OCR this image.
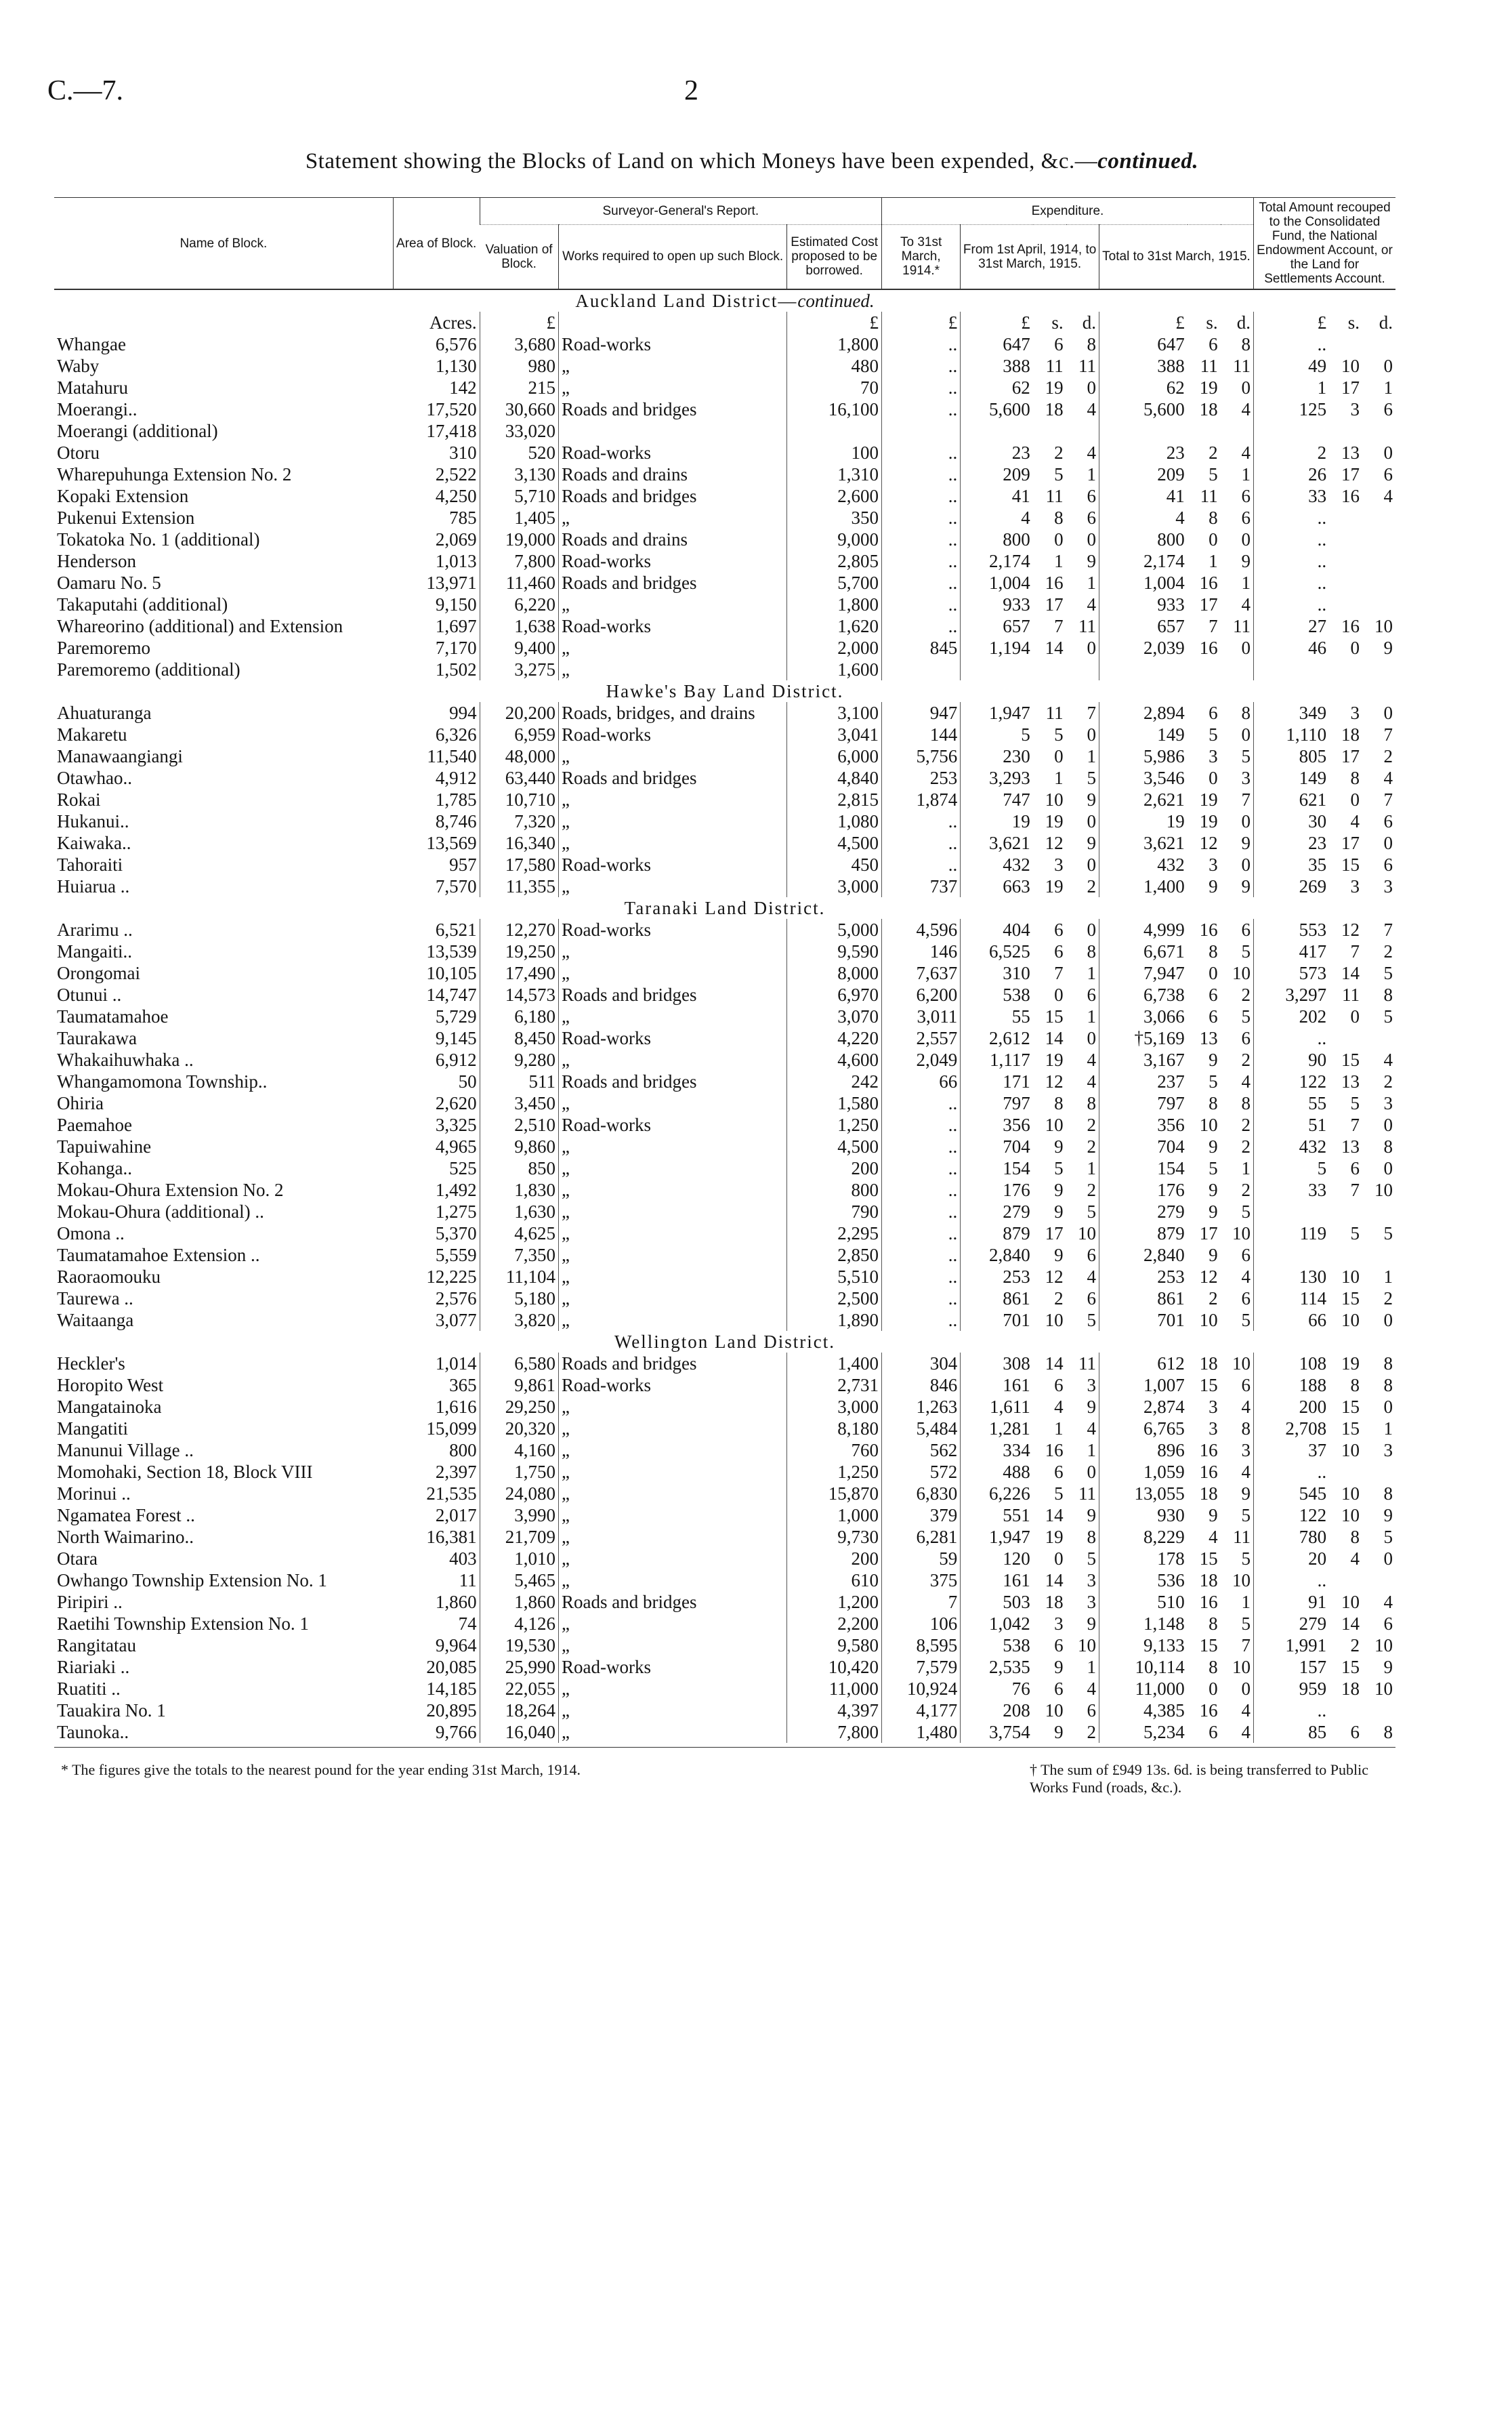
C.—7.	2
Statement showing the Blocks of Land on which Moneys have been expended, &c.—continued.
Name of Block.	Area of Block.	Surveyor-General's Report.			Expenditure.							Total Amount recouped to the Consolidated Fund, the National Endowment Account, or the Land for Settlements Account.		
		Valuation of Block.	Works required to open up such Block.	Estimated Cost proposed to be borrowed.	To 31st March, 1914.*	From 1st April, 1914, to 31st March, 1915.			Total to 31st March, 1915.					
Auckland Land District—continued.														
	Acres.	£		£	£	£	s.	d.	£	s.	d.	£	s.	d.
Whangae	6,576	3,680	Road-works	1,800	..	647	6	8	647	6	8	..		
Waby	1,130	980	„	480	..	388	11	11	388	11	11	49	10	0
Matahuru	142	215	„	70	..	62	19	0	62	19	0	1	17	1
Moerangi..	17,520	30,660	Roads and bridges	16,100	..	5,600	18	4	5,600	18	4	125	3	6
Moerangi (additional)	17,418	33,020												
Otoru	310	520	Road-works	100	..	23	2	4	23	2	4	2	13	0
Wharepuhunga Extension No. 2	2,522	3,130	Roads and drains	1,310	..	209	5	1	209	5	1	26	17	6
Kopaki Extension	4,250	5,710	Roads and bridges	2,600	..	41	11	6	41	11	6	33	16	4
Pukenui Extension	785	1,405	„	350	..	4	8	6	4	8	6	..		
Tokatoka No. 1 (additional)	2,069	19,000	Roads and drains	9,000	..	800	0	0	800	0	0	..		
Henderson	1,013	7,800	Road-works	2,805	..	2,174	1	9	2,174	1	9	..		
Oamaru No. 5	13,971	11,460	Roads and bridges	5,700	..	1,004	16	1	1,004	16	1	..		
Takaputahi (additional)	9,150	6,220	„	1,800	..	933	17	4	933	17	4	..		
Whareorino (additional) and Extension	1,697	1,638	Road-works	1,620	..	657	7	11	657	7	11	27	16	10
Paremoremo	7,170	9,400	„	2,000	845	1,194	14	0	2,039	16	0	46	0	9
Paremoremo (additional)	1,502	3,275	„	1,600										
Hawke's Bay Land District.														
Ahuaturanga	994	20,200	Roads, bridges, and drains	3,100	947	1,947	11	7	2,894	6	8	349	3	0
Makaretu	6,326	6,959	Road-works	3,041	144	5	5	0	149	5	0	1,110	18	7
Manawaangiangi	11,540	48,000	„	6,000	5,756	230	0	1	5,986	3	5	805	17	2
Otawhao..	4,912	63,440	Roads and bridges	4,840	253	3,293	1	5	3,546	0	3	149	8	4
Rokai	1,785	10,710	„	2,815	1,874	747	10	9	2,621	19	7	621	0	7
Hukanui..	8,746	7,320	„	1,080	..	19	19	0	19	19	0	30	4	6
Kaiwaka..	13,569	16,340	„	4,500	..	3,621	12	9	3,621	12	9	23	17	0
Tahoraiti	957	17,580	Road-works	450	..	432	3	0	432	3	0	35	15	6
Huiarua ..	7,570	11,355	„	3,000	737	663	19	2	1,400	9	9	269	3	3
Taranaki Land District.														
Ararimu ..	6,521	12,270	Road-works	5,000	4,596	404	6	0	4,999	16	6	553	12	7
Mangaiti..	13,539	19,250	„	9,590	146	6,525	6	8	6,671	8	5	417	7	2
Orongomai	10,105	17,490	„	8,000	7,637	310	7	1	7,947	0	10	573	14	5
Otunui ..	14,747	14,573	Roads and bridges	6,970	6,200	538	0	6	6,738	6	2	3,297	11	8
Taumatamahoe	5,729	6,180	„	3,070	3,011	55	15	1	3,066	6	5	202	0	5
Taurakawa	9,145	8,450	Road-works	4,220	2,557	2,612	14	0	†5,169	13	6	..		
Whakaihuwhaka ..	6,912	9,280	„	4,600	2,049	1,117	19	4	3,167	9	2	90	15	4
Whangamomona Township..	50	511	Roads and bridges	242	66	171	12	4	237	5	4	122	13	2
Ohiria	2,620	3,450	„	1,580	..	797	8	8	797	8	8	55	5	3
Paemahoe	3,325	2,510	Road-works	1,250	..	356	10	2	356	10	2	51	7	0
Tapuiwahine	4,965	9,860	„	4,500	..	704	9	2	704	9	2	432	13	8
Kohanga..	525	850	„	200	..	154	5	1	154	5	1	5	6	0
Mokau-Ohura Extension No. 2	1,492	1,830	„	800	..	176	9	2	176	9	2	33	7	10
Mokau-Ohura (additional) ..	1,275	1,630	„	790	..	279	9	5	279	9	5			
Omona ..	5,370	4,625	„	2,295	..	879	17	10	879	17	10	119	5	5
Taumatamahoe Extension ..	5,559	7,350	„	2,850	..	2,840	9	6	2,840	9	6			
Raoraomouku	12,225	11,104	„	5,510	..	253	12	4	253	12	4	130	10	1
Taurewa ..	2,576	5,180	„	2,500	..	861	2	6	861	2	6	114	15	2
Waitaanga	3,077	3,820	„	1,890	..	701	10	5	701	10	5	66	10	0
Wellington Land District.														
Heckler's	1,014	6,580	Roads and bridges	1,400	304	308	14	11	612	18	10	108	19	8
Horopito West	365	9,861	Road-works	2,731	846	161	6	3	1,007	15	6	188	8	8
Mangatainoka	1,616	29,250	„	3,000	1,263	1,611	4	9	2,874	3	4	200	15	0
Mangatiti	15,099	20,320	„	8,180	5,484	1,281	1	4	6,765	3	8	2,708	15	1
Manunui Village ..	800	4,160	„	760	562	334	16	1	896	16	3	37	10	3
Momohaki, Section 18, Block VIII	2,397	1,750	„	1,250	572	488	6	0	1,059	16	4	..		
Morinui ..	21,535	24,080	„	15,870	6,830	6,226	5	11	13,055	18	9	545	10	8
Ngamatea Forest ..	2,017	3,990	„	1,000	379	551	14	9	930	9	5	122	10	9
North Waimarino..	16,381	21,709	„	9,730	6,281	1,947	19	8	8,229	4	11	780	8	5
Otara	403	1,010	„	200	59	120	0	5	178	15	5	20	4	0
Owhango Township Extension No. 1	11	5,465	„	610	375	161	14	3	536	18	10	..		
Piripiri ..	1,860	1,860	Roads and bridges	1,200	7	503	18	3	510	16	1	91	10	4
Raetihi Township Extension No. 1	74	4,126	„	2,200	106	1,042	3	9	1,148	8	5	279	14	6
Rangitatau	9,964	19,530	„	9,580	8,595	538	6	10	9,133	15	7	1,991	2	10
Riariaki ..	20,085	25,990	Road-works	10,420	7,579	2,535	9	1	10,114	8	10	157	15	9
Ruatiti ..	14,185	22,055	„	11,000	10,924	76	6	4	11,000	0	0	959	18	10
Tauakira No. 1	20,895	18,264	„	4,397	4,177	208	10	6	4,385	16	4	..		
Taunoka..	9,766	16,040	„	7,800	1,480	3,754	9	2	5,234	6	4	85	6	8

* The figures give the totals to the nearest pound for the year ending 31st March, 1914.	† The sum of £949 13s. 6d. is being transferred to Public Works Fund (roads, &c.).
